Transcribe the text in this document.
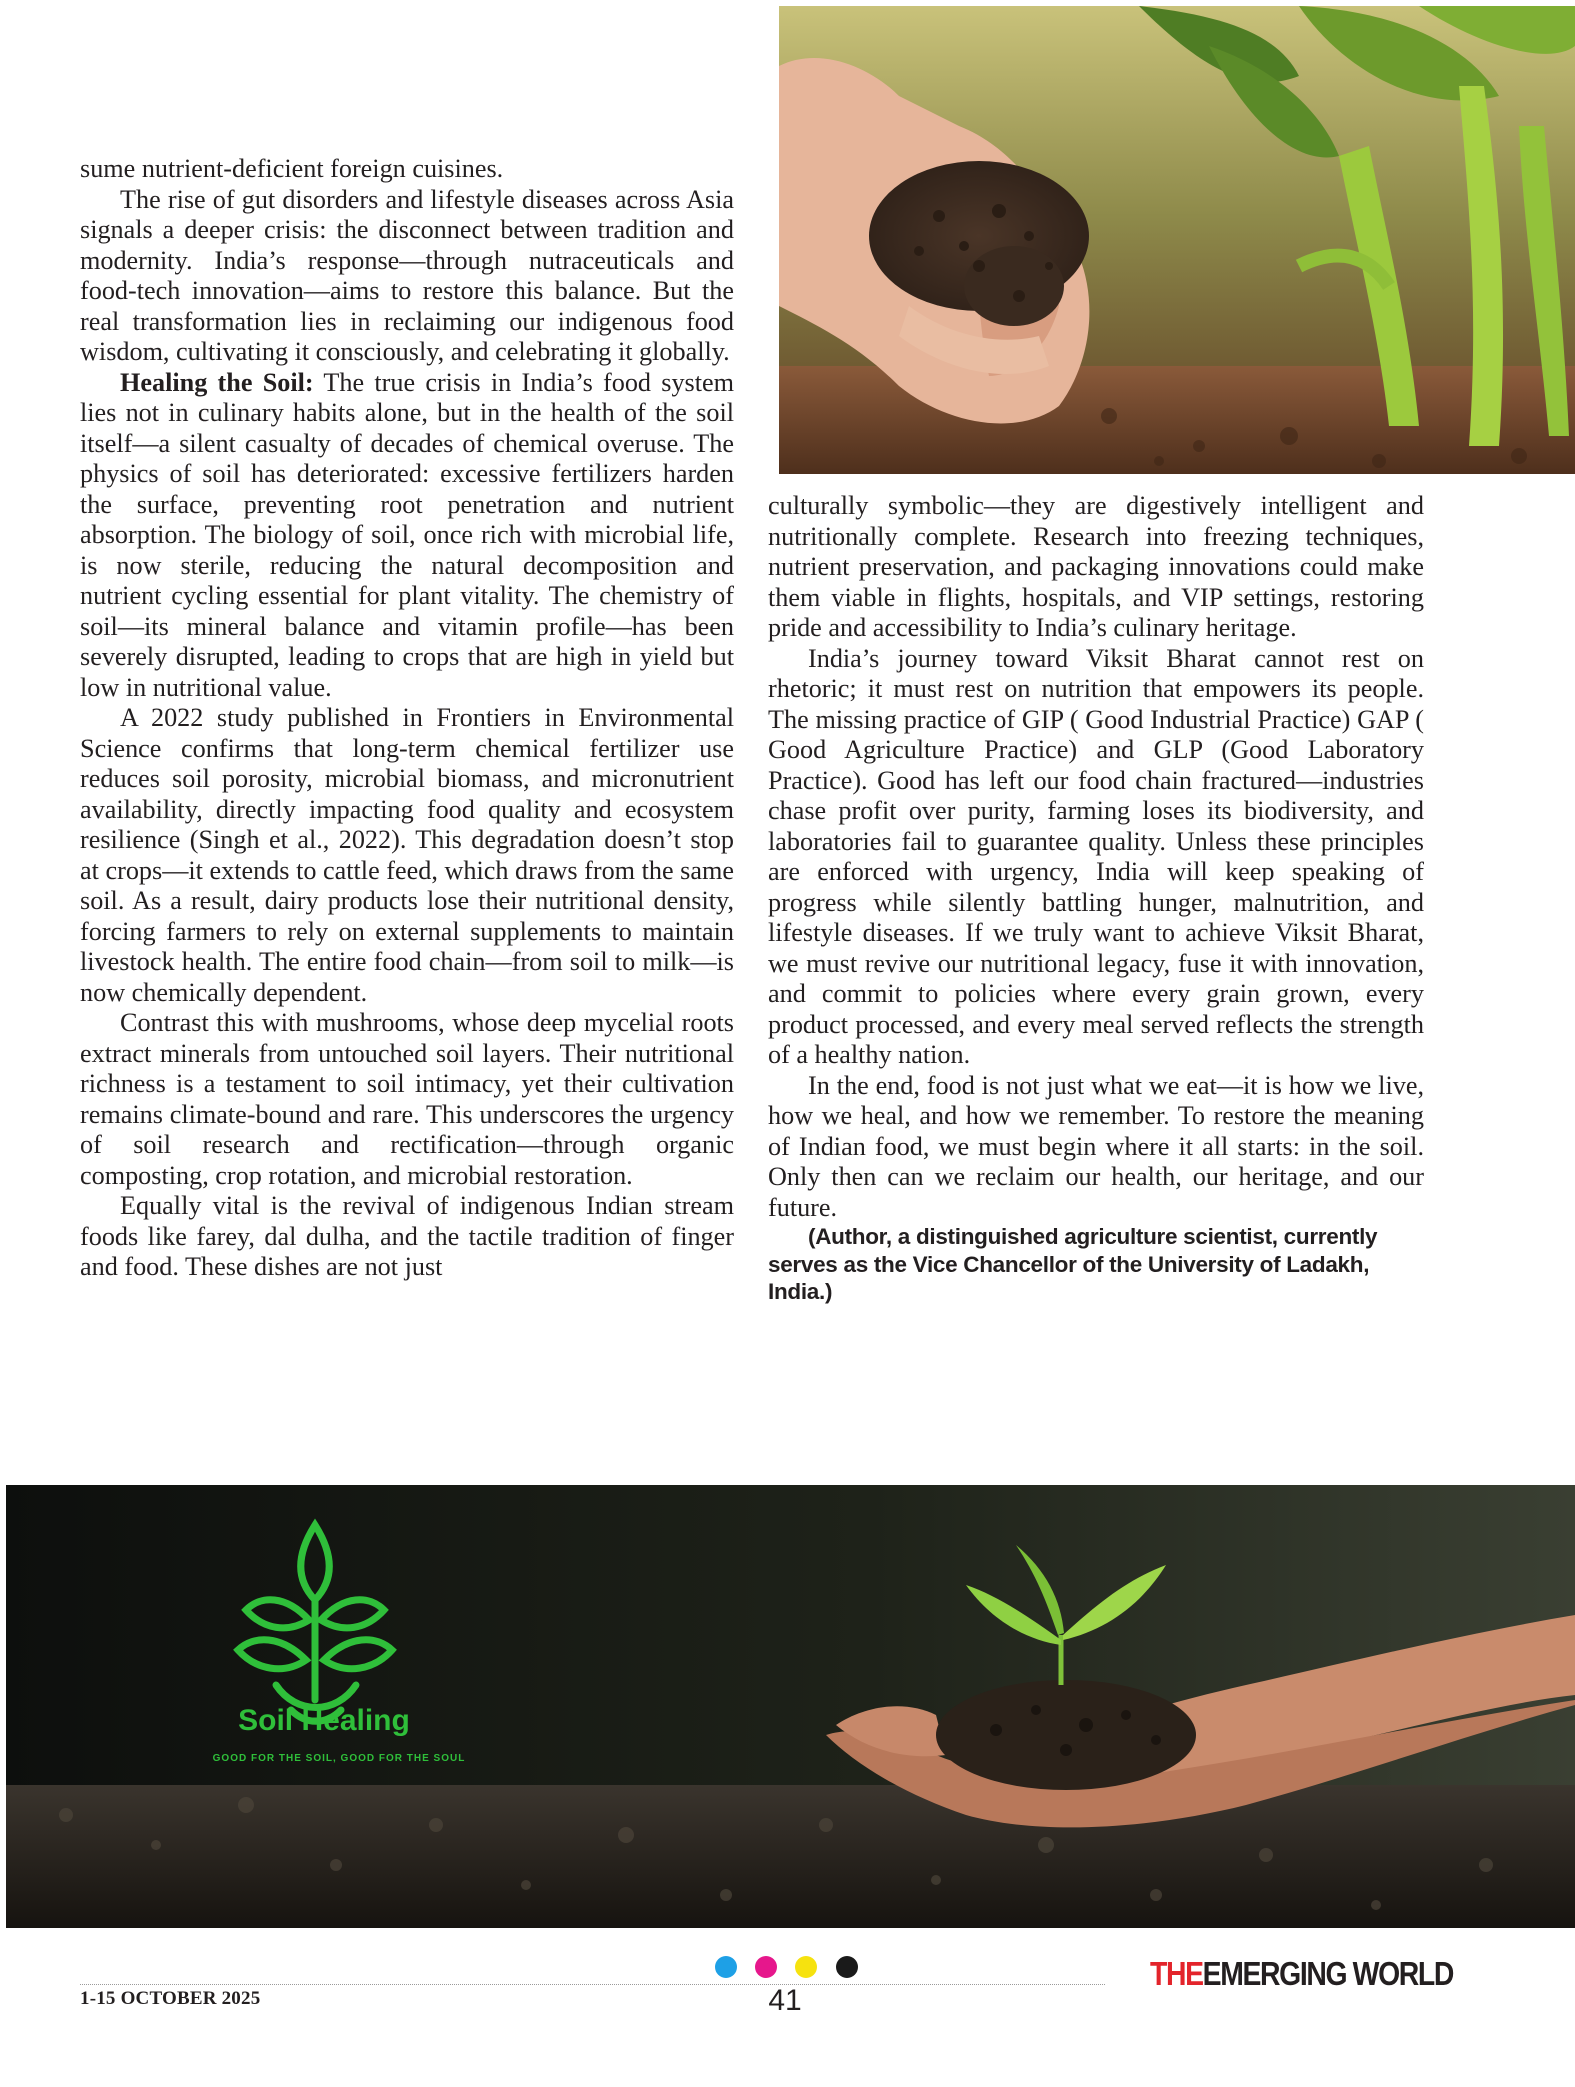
sume nutrient-deficient foreign cuisines.

The rise of gut disorders and lifestyle diseases across Asia signals a deeper crisis: the disconnect between tradition and modernity. India’s response—through nutraceuticals and food-tech innovation—aims to restore this balance. But the real transformation lies in reclaiming our indigenous food wisdom, cultivating it consciously, and celebrating it globally.

Healing the Soil: The true crisis in India’s food system lies not in culinary habits alone, but in the health of the soil itself—a silent casualty of decades of chemical overuse. The physics of soil has deteriorated: excessive fertilizers harden the surface, preventing root penetration and nutrient absorption. The biology of soil, once rich with microbial life, is now sterile, reducing the natural decomposition and nutrient cycling essential for plant vitality. The chemistry of soil—its mineral balance and vitamin profile—has been severely disrupted, leading to crops that are high in yield but low in nutritional value.

A 2022 study published in Frontiers in Environmental Science confirms that long-term chemical fertilizer use reduces soil porosity, microbial biomass, and micronutrient availability, directly impacting food quality and ecosystem resilience (Singh et al., 2022). This degradation doesn’t stop at crops—it extends to cattle feed, which draws from the same soil. As a result, dairy products lose their nutritional density, forcing farmers to rely on external supplements to maintain livestock health. The entire food chain—from soil to milk—is now chemically dependent.

Contrast this with mushrooms, whose deep mycelial roots extract minerals from untouched soil layers. Their nutritional richness is a testament to soil intimacy, yet their cultivation remains climate-bound and rare. This underscores the urgency of soil research and rectification—through organic composting, crop rotation, and microbial restoration.

Equally vital is the revival of indigenous Indian stream foods like farey, dal dulha, and the tactile tradition of finger and food. These dishes are not just

culturally symbolic—they are digestively intelligent and nutritionally complete. Research into freezing techniques, nutrient preservation, and packaging innovations could make them viable in flights, hospitals, and VIP settings, restoring pride and accessibility to India’s culinary heritage.

India’s journey toward Viksit Bharat cannot rest on rhetoric; it must rest on nutrition that empowers its people. The missing practice of GIP ( Good Industrial Practice) GAP ( Good Agriculture Practice) and GLP (Good Laboratory Practice). Good has left our food chain fractured—industries chase profit over purity, farming loses its biodiversity, and laboratories fail to guarantee quality. Unless these principles are enforced with urgency, India will keep speaking of progress while silently battling hunger, malnutrition, and lifestyle diseases. If we truly want to achieve Viksit Bharat, we must revive our nutritional legacy, fuse it with innovation, and commit to policies where every grain grown, every product processed, and every meal served reflects the strength of a healthy nation.

In the end, food is not just what we eat—it is how we live, how we heal, and how we remember. To restore the meaning of Indian food, we must begin where it all starts: in the soil. Only then can we reclaim our health, our heritage, and our future.

(Author, a distinguished agriculture scientist, currently serves as the Vice Chancellor of the University of Ladakh, India.)

Soil Healing
GOOD FOR THE SOIL, GOOD FOR THE SOUL
1-15 OCTOBER 2025	41
THEEMERGING WORLD
